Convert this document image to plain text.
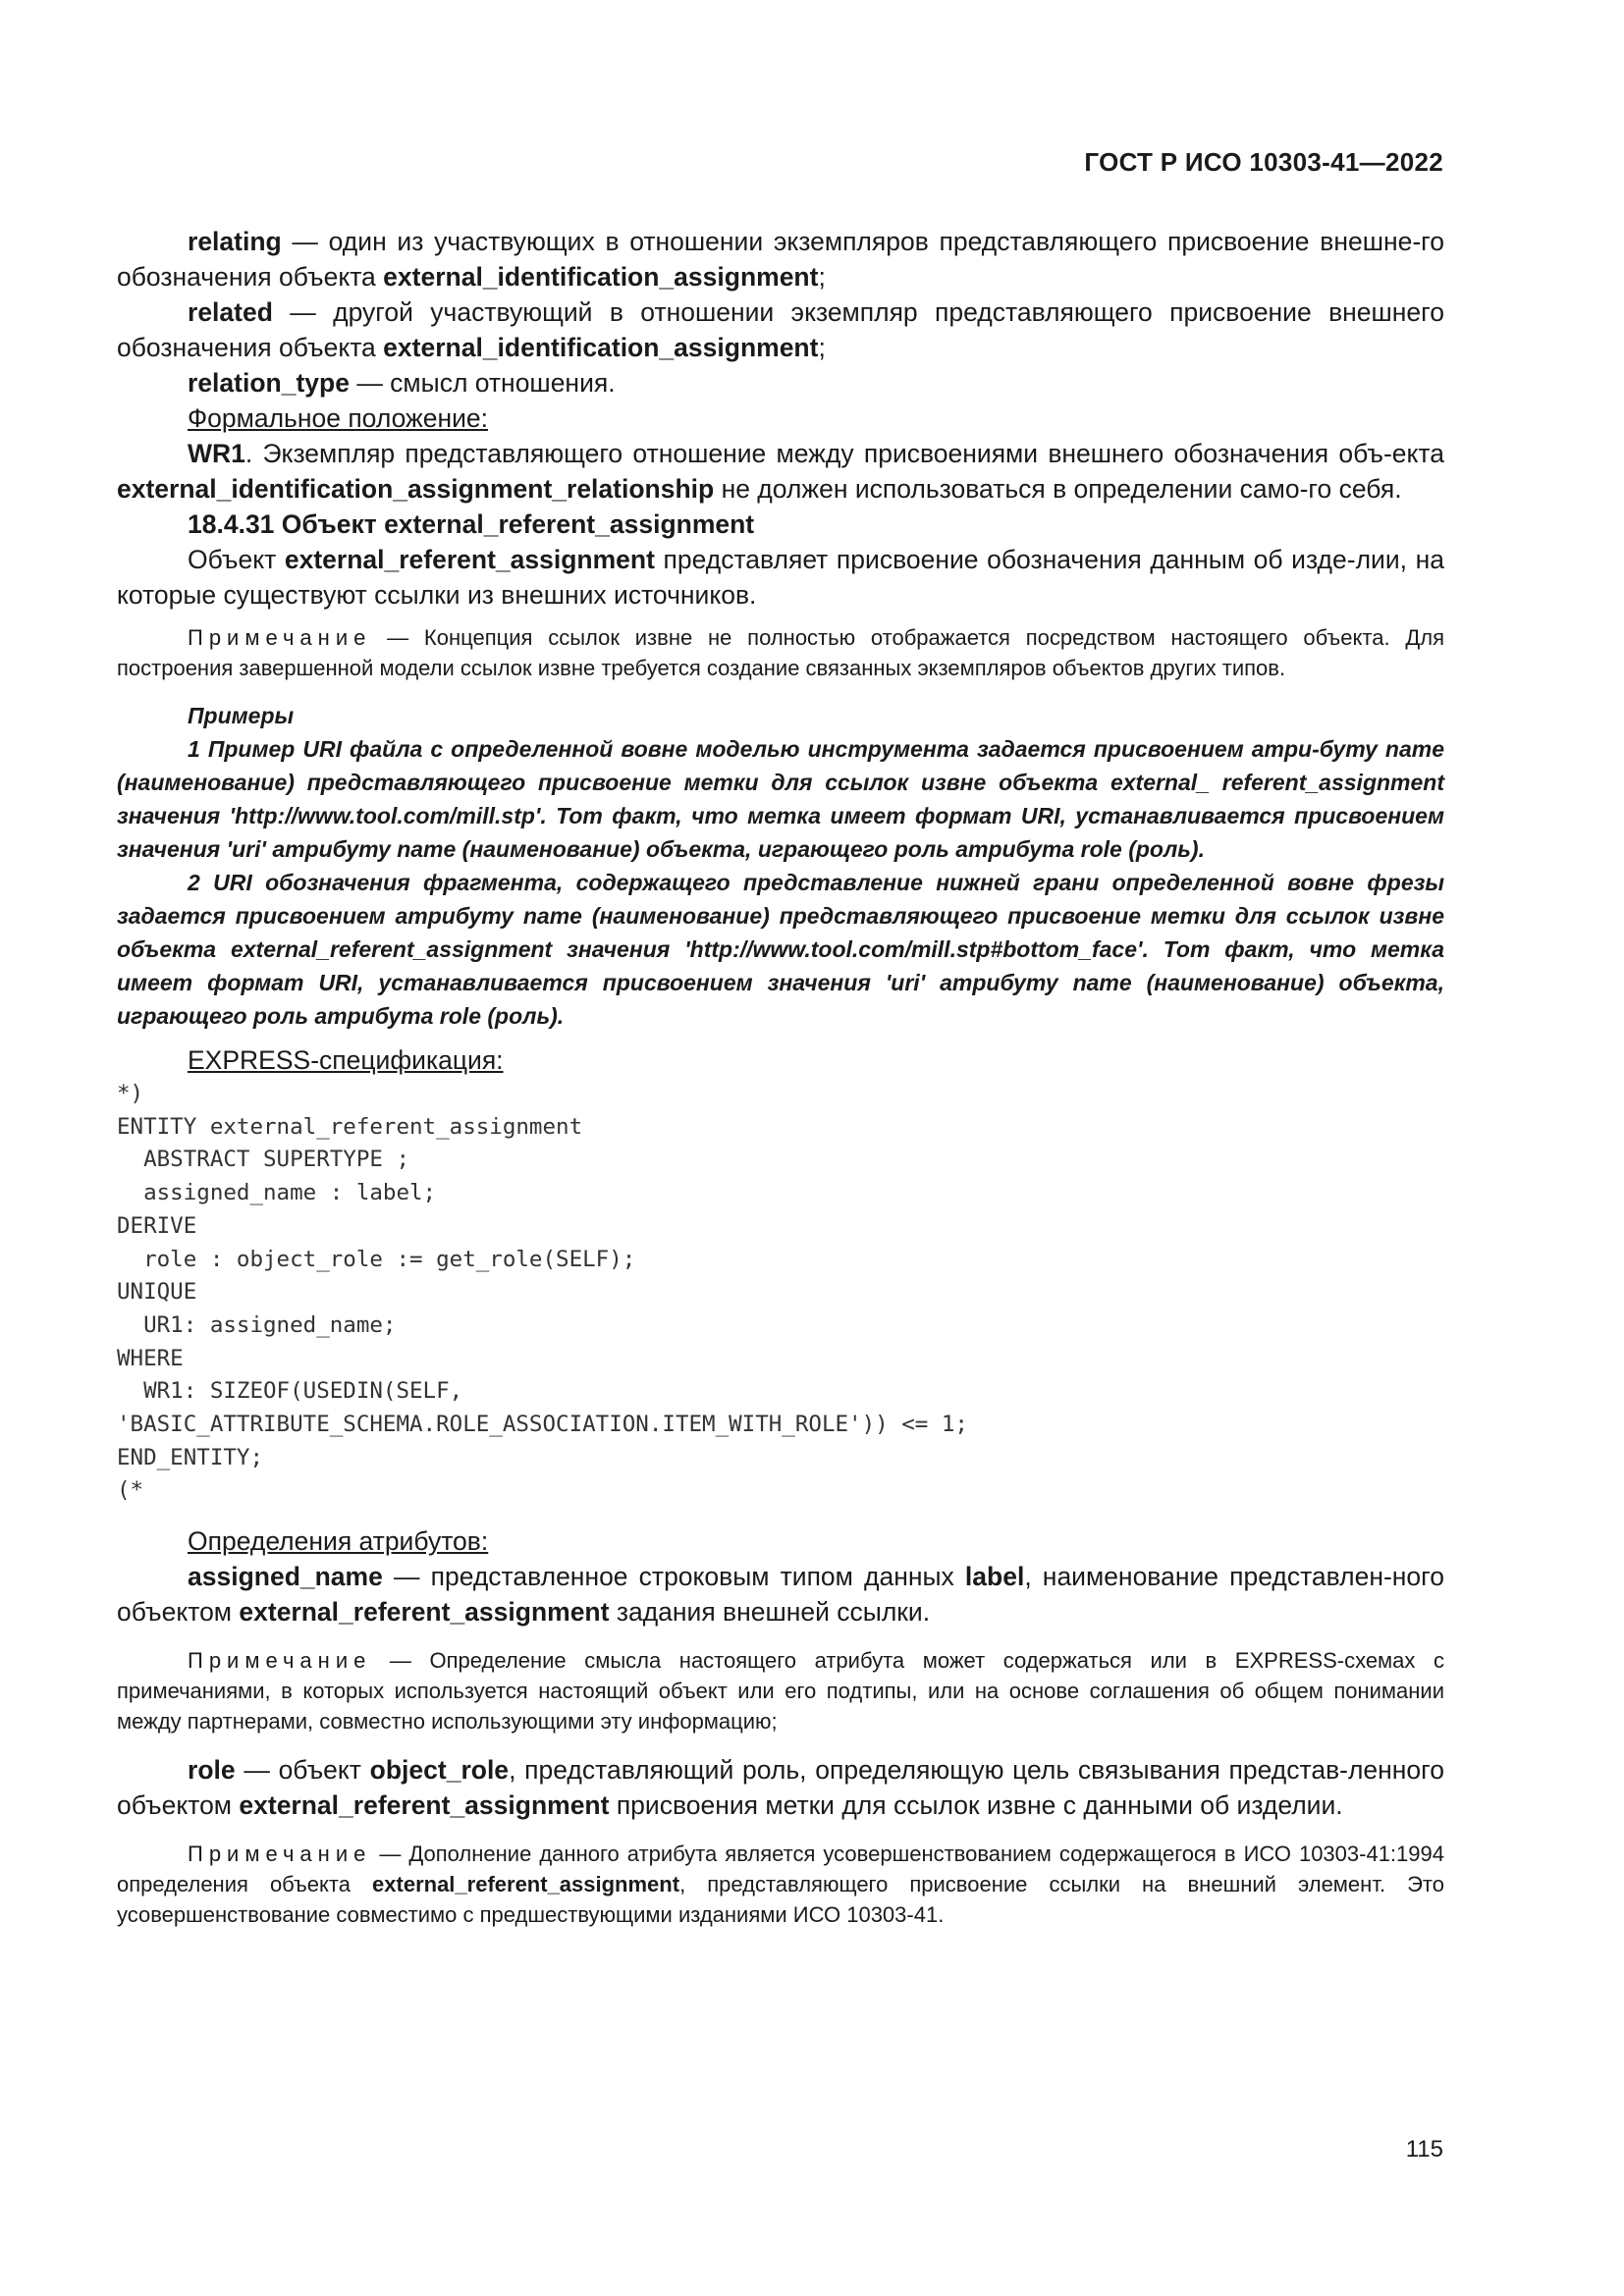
ГОСТ Р ИСО 10303-41—2022

relating — один из участвующих в отношении экземпляров представляющего присвоение внешне-го обозначения объекта external_identification_assignment;

related — другой участвующий в отношении экземпляр представляющего присвоение внешнего обозначения объекта external_identification_assignment;

relation_type — смысл отношения.

Формальное положение:

WR1. Экземпляр представляющего отношение между присвоениями внешнего обозначения объ-екта external_identification_assignment_relationship не должен использоваться в определении само-го себя.

18.4.31 Объект external_referent_assignment

Объект external_referent_assignment представляет присвоение обозначения данным об изде-лии, на которые существуют ссылки из внешних источников.

Примечание — Концепция ссылок извне не полностью отображается посредством настоящего объекта. Для построения завершенной модели ссылок извне требуется создание связанных экземпляров объектов других типов.

Примеры

1 Пример URI файла с определенной вовне моделью инструмента задается присвоением атри-буту name (наименование) представляющего присвоение метки для ссылок извне объекта external_ referent_assignment значения 'http://www.tool.com/mill.stp'. Тот факт, что метка имеет формат URI, устанавливается присвоением значения 'uri' атрибуту name (наименование) объекта, играющего роль атрибута role (роль).

2 URI обозначения фрагмента, содержащего представление нижней грани определенной вовне фрезы задается присвоением атрибуту name (наименование) представляющего присвоение метки для ссылок извне объекта external_referent_assignment значения 'http://www.tool.com/mill.stp#bottom_face'. Тот факт, что метка имеет формат URI, устанавливается присвоением значения 'uri' атрибуту name (наименование) объекта, играющего роль атрибута role (роль).

EXPRESS-спецификация:

*)
ENTITY external_referent_assignment
ABSTRACT SUPERTYPE ;
assigned_name : label;
DERIVE
role : object_role := get_role(SELF);
UNIQUE
UR1: assigned_name;
WHERE
WR1: SIZEOF(USEDIN(SELF,
'BASIC_ATTRIBUTE_SCHEMA.ROLE_ASSOCIATION.ITEM_WITH_ROLE')) <= 1;
END_ENTITY;
(*

Определения атрибутов:

assigned_name — представленное строковым типом данных label, наименование представлен-ного объектом external_referent_assignment задания внешней ссылки.

Примечание — Определение смысла настоящего атрибута может содержаться или в EXPRESS-схемах с примечаниями, в которых используется настоящий объект или его подтипы, или на основе соглашения об общем понимании между партнерами, совместно использующими эту информацию;

role — объект object_role, представляющий роль, определяющую цель связывания представ-ленного объектом external_referent_assignment присвоения метки для ссылок извне с данными об изделии.

Примечание — Дополнение данного атрибута является усовершенствованием содержащегося в ИСО 10303-41:1994 определения объекта external_referent_assignment, представляющего присвоение ссылки на внешний элемент. Это усовершенствование совместимо с предшествующими изданиями ИСО 10303-41.

115
